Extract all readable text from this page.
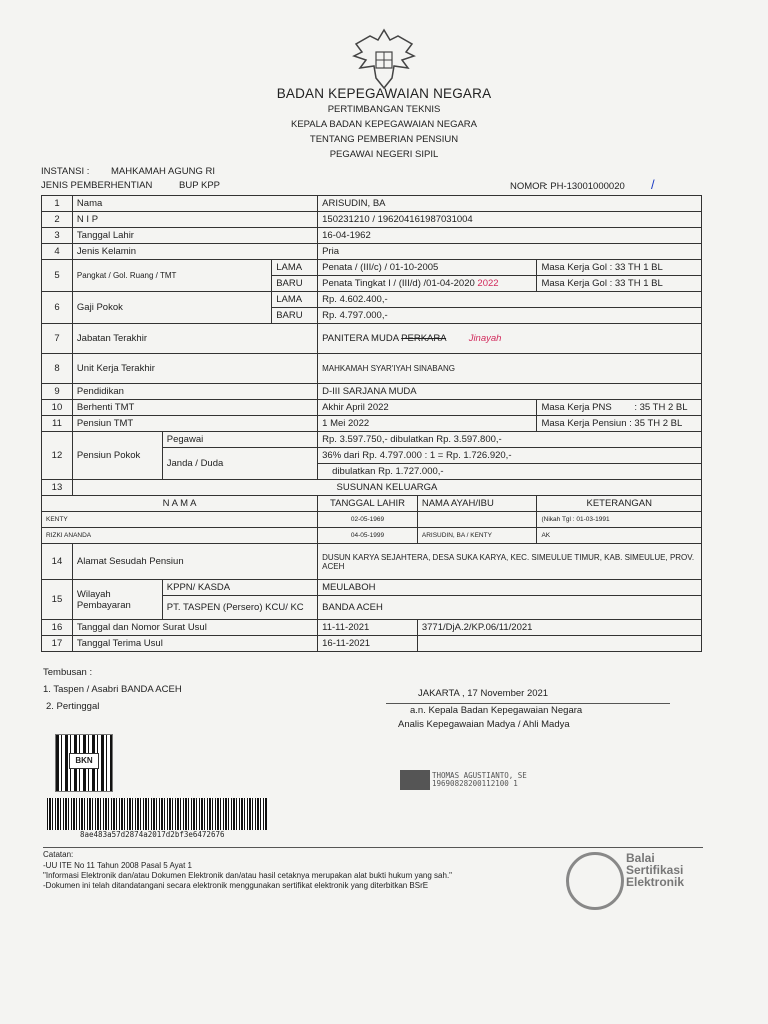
BADAN KEPEGAWAIAN NEGARA
PERTIMBANGAN TEKNIS
KEPALA BADAN KEPEGAWAIAN NEGARA
TENTANG PEMBERIAN PENSIUN
PEGAWAI NEGERI SIPIL
INSTANSI : MAHKAMAH AGUNG RI
JENIS PEMBERHENTIAN	BUP KPP	NOMOR
: PH-13001000020 /
1	Nama			ARISUDIN, BA		
2	N I P			150231210 / 196204161987031004		
3	Tanggal Lahir			16-04-1962		
4	Jenis Kelamin			Pria		
5	Pangkat / Gol. Ruang / TMT		LAMA	Penata / (III/c) / 01-10-2005		Masa Kerja Gol : 33 TH 1 BL
			BARU	Penata Tingkat I / (III/d) /01-04-2020 2022		Masa Kerja Gol : 33 TH 1 BL
6	Gaji Pokok		LAMA	Rp. 4.602.400,-		
			BARU	Rp. 4.797.000,-		
7	Jabatan Terakhir			PANITERA MUDA PERKARA Jinayah		
8	Unit Kerja Terakhir			MAHKAMAH SYAR'IYAH SINABANG		
9	Pendidikan			D-III SARJANA MUDA		
10	Berhenti TMT			Akhir April 2022		Masa Kerja PNS : 35 TH 2 BL
11	Pensiun TMT			1 Mei 2022		Masa Kerja Pensiun : 35 TH 2 BL
12	Pensiun Pokok	Pegawai		Rp. 3.597.750,- dibulatkan Rp. 3.597.800,-		
		Janda / Duda		36% dari Rp. 4.797.000 : 1 = Rp. 1.726.920,-		
				dibulatkan Rp. 1.727.000,-		
13	SUSUNAN KELUARGA					
N A M A				TANGGAL LAHIR	NAMA AYAH/IBU	KETERANGAN
KENTY				02-05-1969		(Nikah Tgl : 01-03-1991
RIZKI ANANDA				04-05-1999	ARISUDIN, BA / KENTY	AK
14	Alamat Sesudah Pensiun			DUSUN KARYA SEJAHTERA, DESA SUKA KARYA, KEC. SIMEULUE TIMUR, KAB. SIMEULUE, PROV. ACEH		
15	Wilayah Pembayaran	KPPN/ KASDA		MEULABOH		
		PT. TASPEN (Persero) KCU/ KC		BANDA ACEH		
16	Tanggal dan Nomor Surat Usul			11-11-2021	3771/DjA.2/KP.06/11/2021	
17	Tanggal Terima Usul			16-11-2021		
Tembusan :
1. Taspen / Asabri BANDA ACEH
2. Pertinggal
JAKARTA , 17 November 2021
a.n. Kepala Badan Kepegawaian Negara
Analis Kepegawaian Madya / Ahli Madya
THOMAS AGUSTIANTO, SE
19690828200112100 1
BKN
8ae483a57d2874a2017d2bf3e6472676
Catatan:
-UU ITE No 11 Tahun 2008 Pasal 5 Ayat 1
"Informasi Elektronik dan/atau Dokumen Elektronik dan/atau hasil cetaknya merupakan alat bukti hukum yang sah."
-Dokumen ini telah ditandatangani secara elektronik menggunakan sertifikat elektronik yang diterbitkan BSrE
Balai
Sertifikasi
Elektronik
